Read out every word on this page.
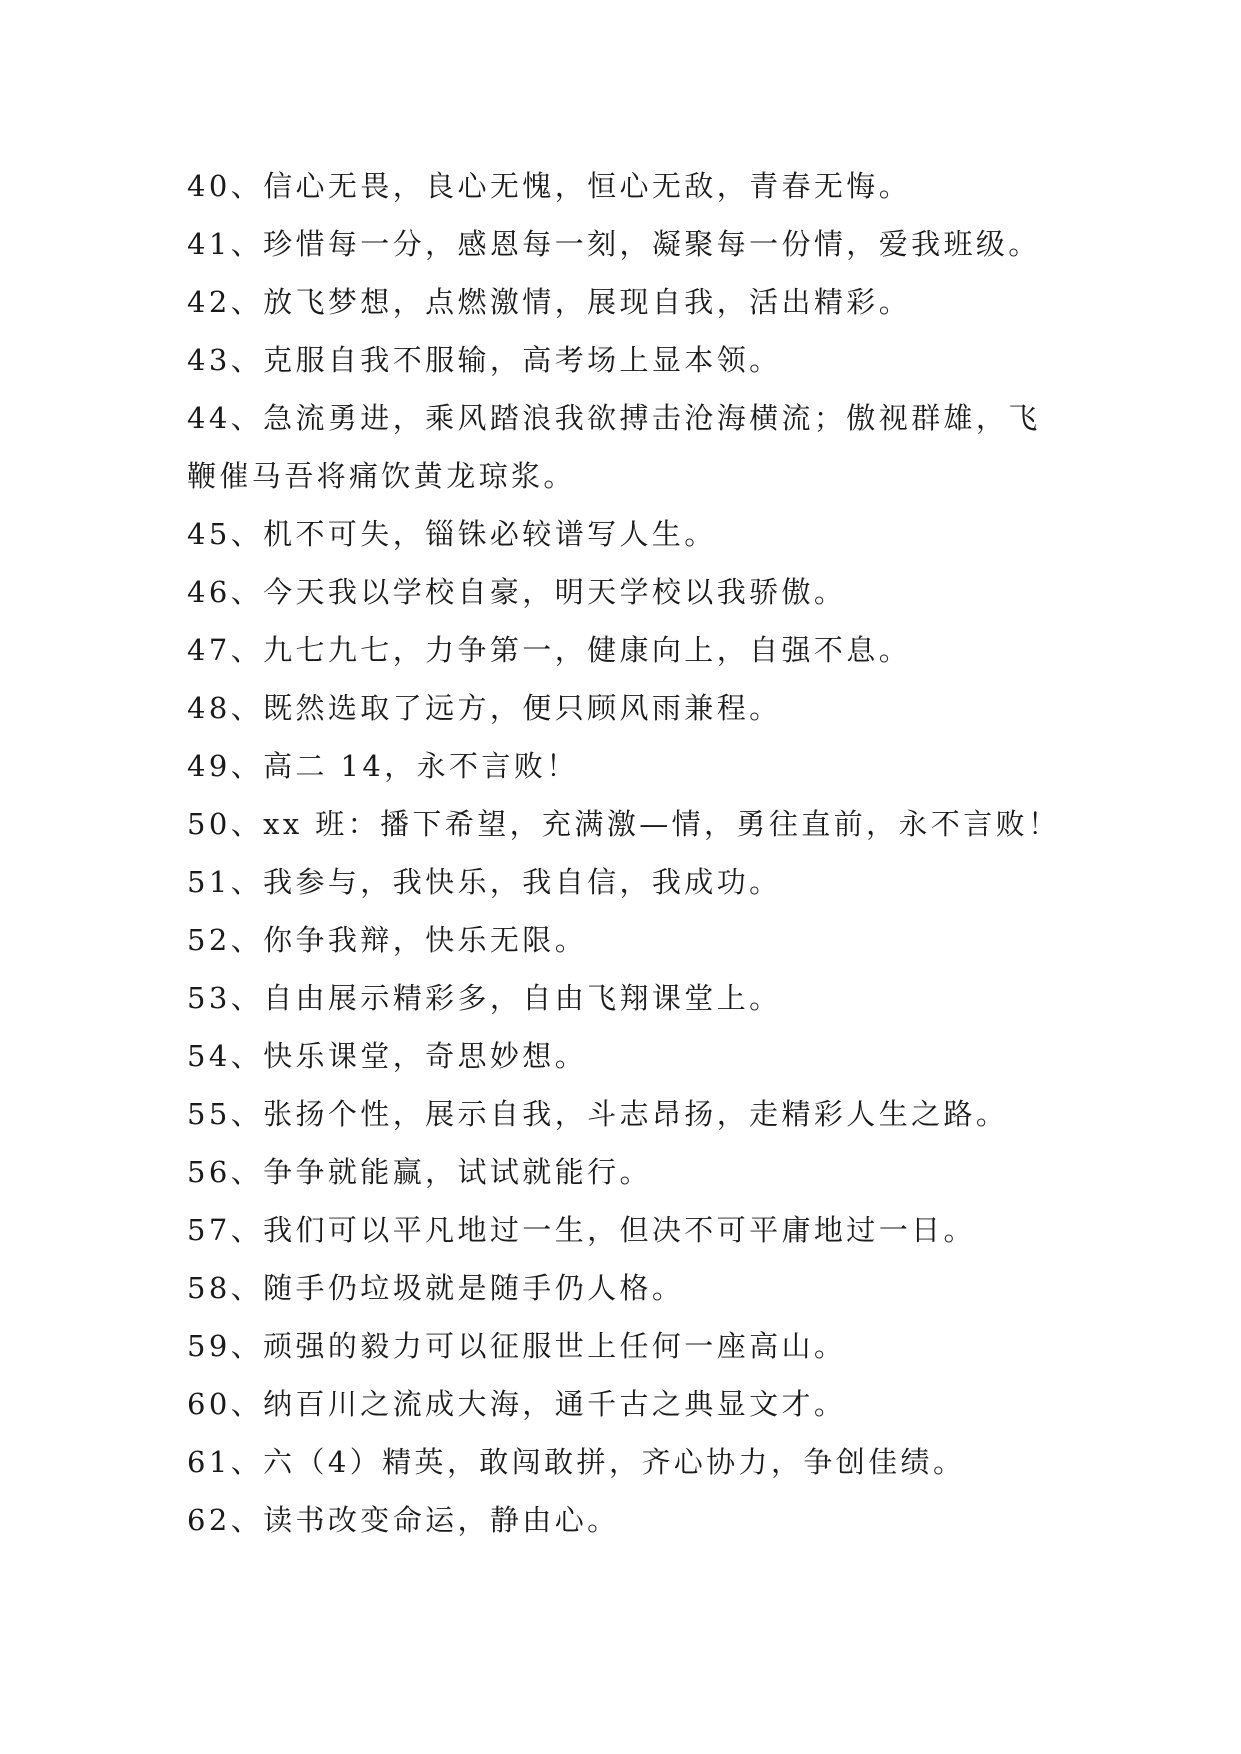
40、信心无畏，良心无愧，恒心无敌，青春无悔。
41、珍惜每一分，感恩每一刻，凝聚每一份情，爱我班级。
42、放飞梦想，点燃激情，展现自我，活出精彩。
43、克服自我不服输，高考场上显本领。
44、急流勇进，乘风踏浪我欲搏击沧海横流；傲视群雄，飞
鞭催马吾将痛饮黄龙琼浆。
45、机不可失，锱铢必较谱写人生。
46、今天我以学校自豪，明天学校以我骄傲。
47、九七九七，力争第一，健康向上，自强不息。
48、既然选取了远方，便只顾风雨兼程。
49、高二 14，永不言败！
50、xx 班：播下希望，充满激—情，勇往直前，永不言败！
51、我参与，我快乐，我自信，我成功。
52、你争我辩，快乐无限。
53、自由展示精彩多，自由飞翔课堂上。
54、快乐课堂，奇思妙想。
55、张扬个性，展示自我，斗志昂扬，走精彩人生之路。
56、争争就能赢，试试就能行。
57、我们可以平凡地过一生，但决不可平庸地过一日。
58、随手仍垃圾就是随手仍人格。
59、顽强的毅力可以征服世上任何一座高山。
60、纳百川之流成大海，通千古之典显文才。
61、六（4）精英，敢闯敢拼，齐心协力，争创佳绩。
62、读书改变命运，静由心。
